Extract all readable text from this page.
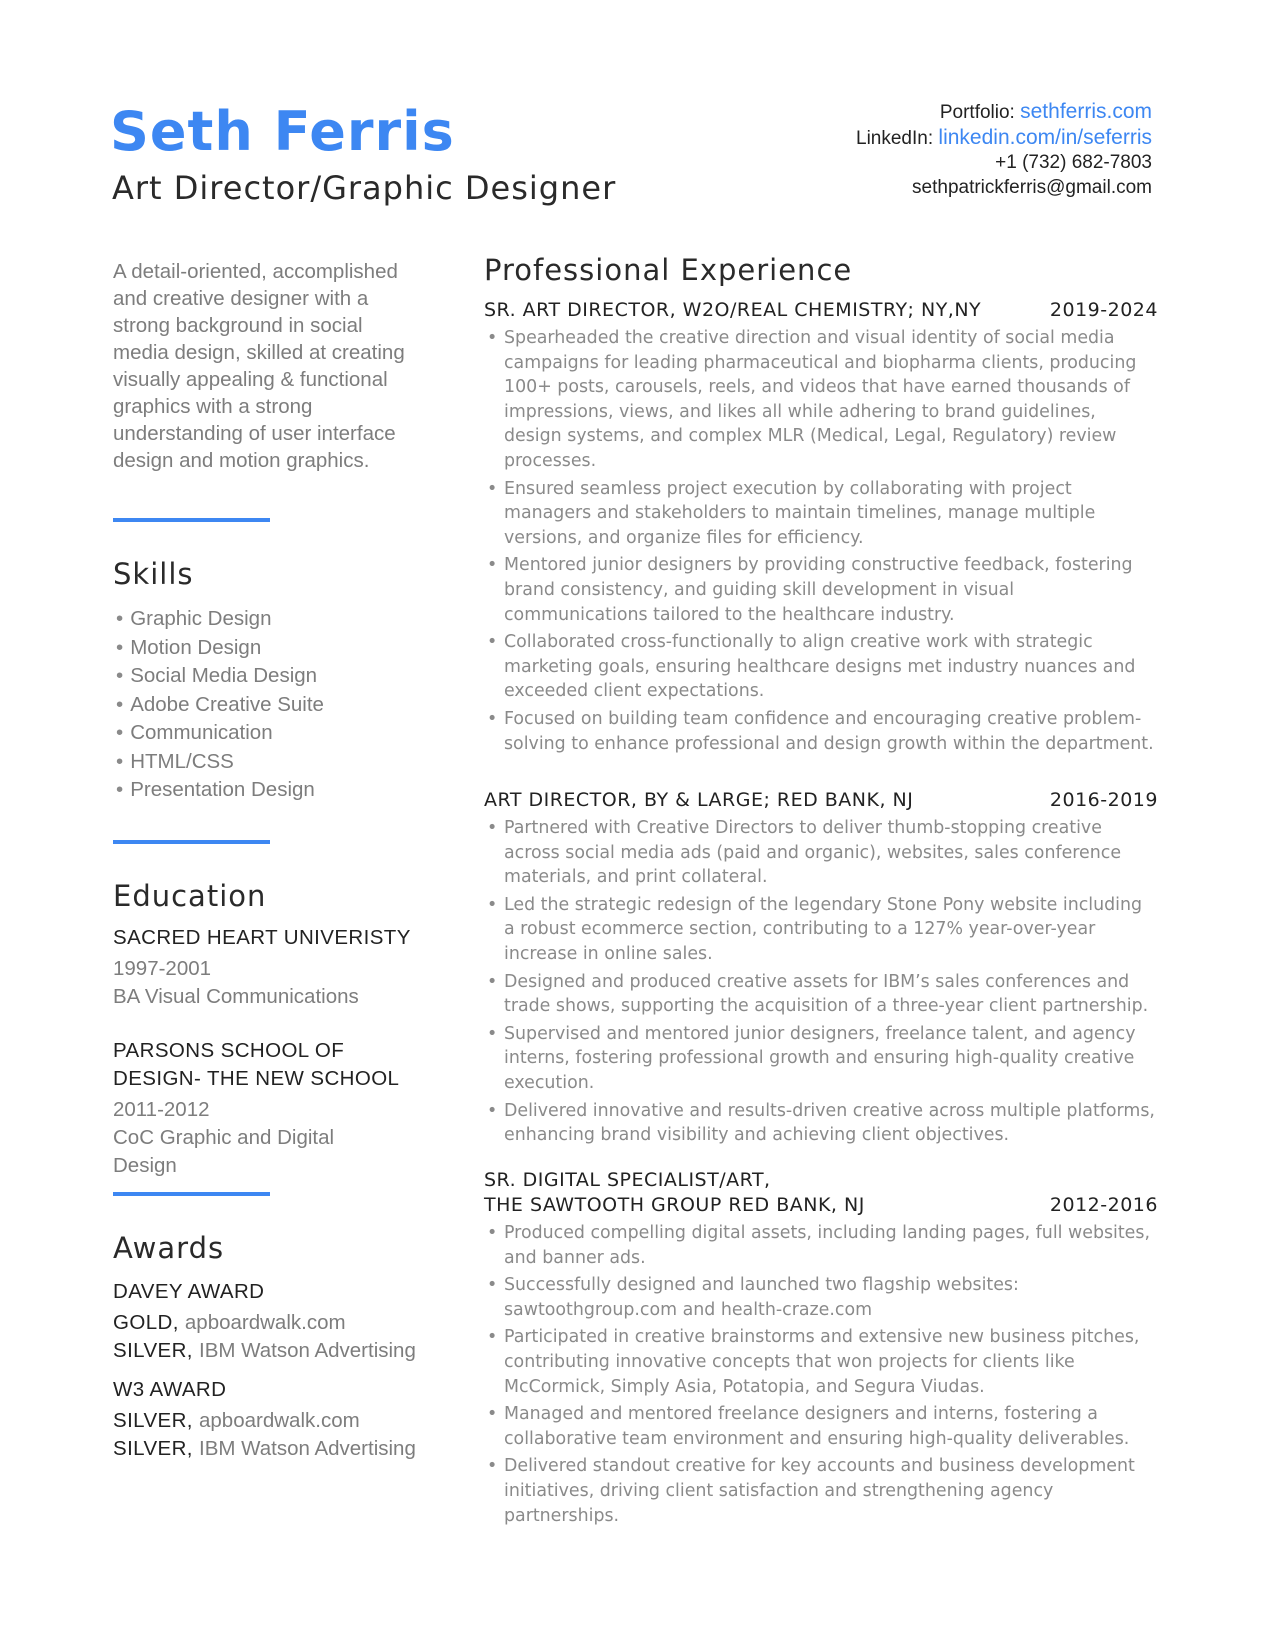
Seth Ferris
Art Director/Graphic Designer
Portfolio: sethferris.com
LinkedIn: linkedin.com/in/seferris
+1 (732) 682-7803
sethpatrickferris@gmail.com
A detail-oriented, accomplished and creative designer with a strong background in social media design, skilled at creating visually appealing & functional graphics with a strong understanding of user interface design and motion graphics.
Skills
• Graphic Design
• Motion Design
• Social Media Design
• Adobe Creative Suite
• Communication
• HTML/CSS
• Presentation Design
Education
SACRED HEART UNIVERISTY
1997-2001
BA Visual Communications
PARSONS SCHOOL OF DESIGN- THE NEW SCHOOL
2011-2012
CoC Graphic and Digital Design
Awards
DAVEY AWARD
GOLD, apboardwalk.com
SILVER, IBM Watson Advertising
W3 AWARD
SILVER, apboardwalk.com
SILVER, IBM Watson Advertising
Professional Experience
SR. ART DIRECTOR, W2O/REAL CHEMISTRY; NY,NY	2019-2024
• Spearheaded the creative direction and visual identity of social media campaigns for leading pharmaceutical and biopharma clients, producing 100+ posts, carousels, reels, and videos that have earned thousands of impressions, views, and likes all while adhering to brand guidelines, design systems, and complex MLR (Medical, Legal, Regulatory) review processes.
• Ensured seamless project execution by collaborating with project managers and stakeholders to maintain timelines, manage multiple versions, and organize files for efficiency.
• Mentored junior designers by providing constructive feedback, fostering brand consistency, and guiding skill development in visual communications tailored to the healthcare industry.
• Collaborated cross-functionally to align creative work with strategic marketing goals, ensuring healthcare designs met industry nuances and exceeded client expectations.
• Focused on building team confidence and encouraging creative problem-solving to enhance professional and design growth within the department.
ART DIRECTOR, BY & LARGE; RED BANK, NJ	2016-2019
• Partnered with Creative Directors to deliver thumb-stopping creative across social media ads (paid and organic), websites, sales conference materials, and print collateral.
• Led the strategic redesign of the legendary Stone Pony website including a robust ecommerce section, contributing to a 127% year-over-year increase in online sales.
• Designed and produced creative assets for IBM’s sales conferences and trade shows, supporting the acquisition of a three-year client partnership.
• Supervised and mentored junior designers, freelance talent, and agency interns, fostering professional growth and ensuring high-quality creative execution.
• Delivered innovative and results-driven creative across multiple platforms, enhancing brand visibility and achieving client objectives.
SR. DIGITAL SPECIALIST/ART,
THE SAWTOOTH GROUP RED BANK, NJ	2012-2016
• Produced compelling digital assets, including landing pages, full websites, and banner ads.
• Successfully designed and launched two flagship websites: sawtoothgroup.com and health-craze.com
• Participated in creative brainstorms and extensive new business pitches, contributing innovative concepts that won projects for clients like McCormick, Simply Asia, Potatopia, and Segura Viudas.
• Managed and mentored freelance designers and interns, fostering a collaborative team environment and ensuring high-quality deliverables.
• Delivered standout creative for key accounts and business development initiatives, driving client satisfaction and strengthening agency partnerships.
